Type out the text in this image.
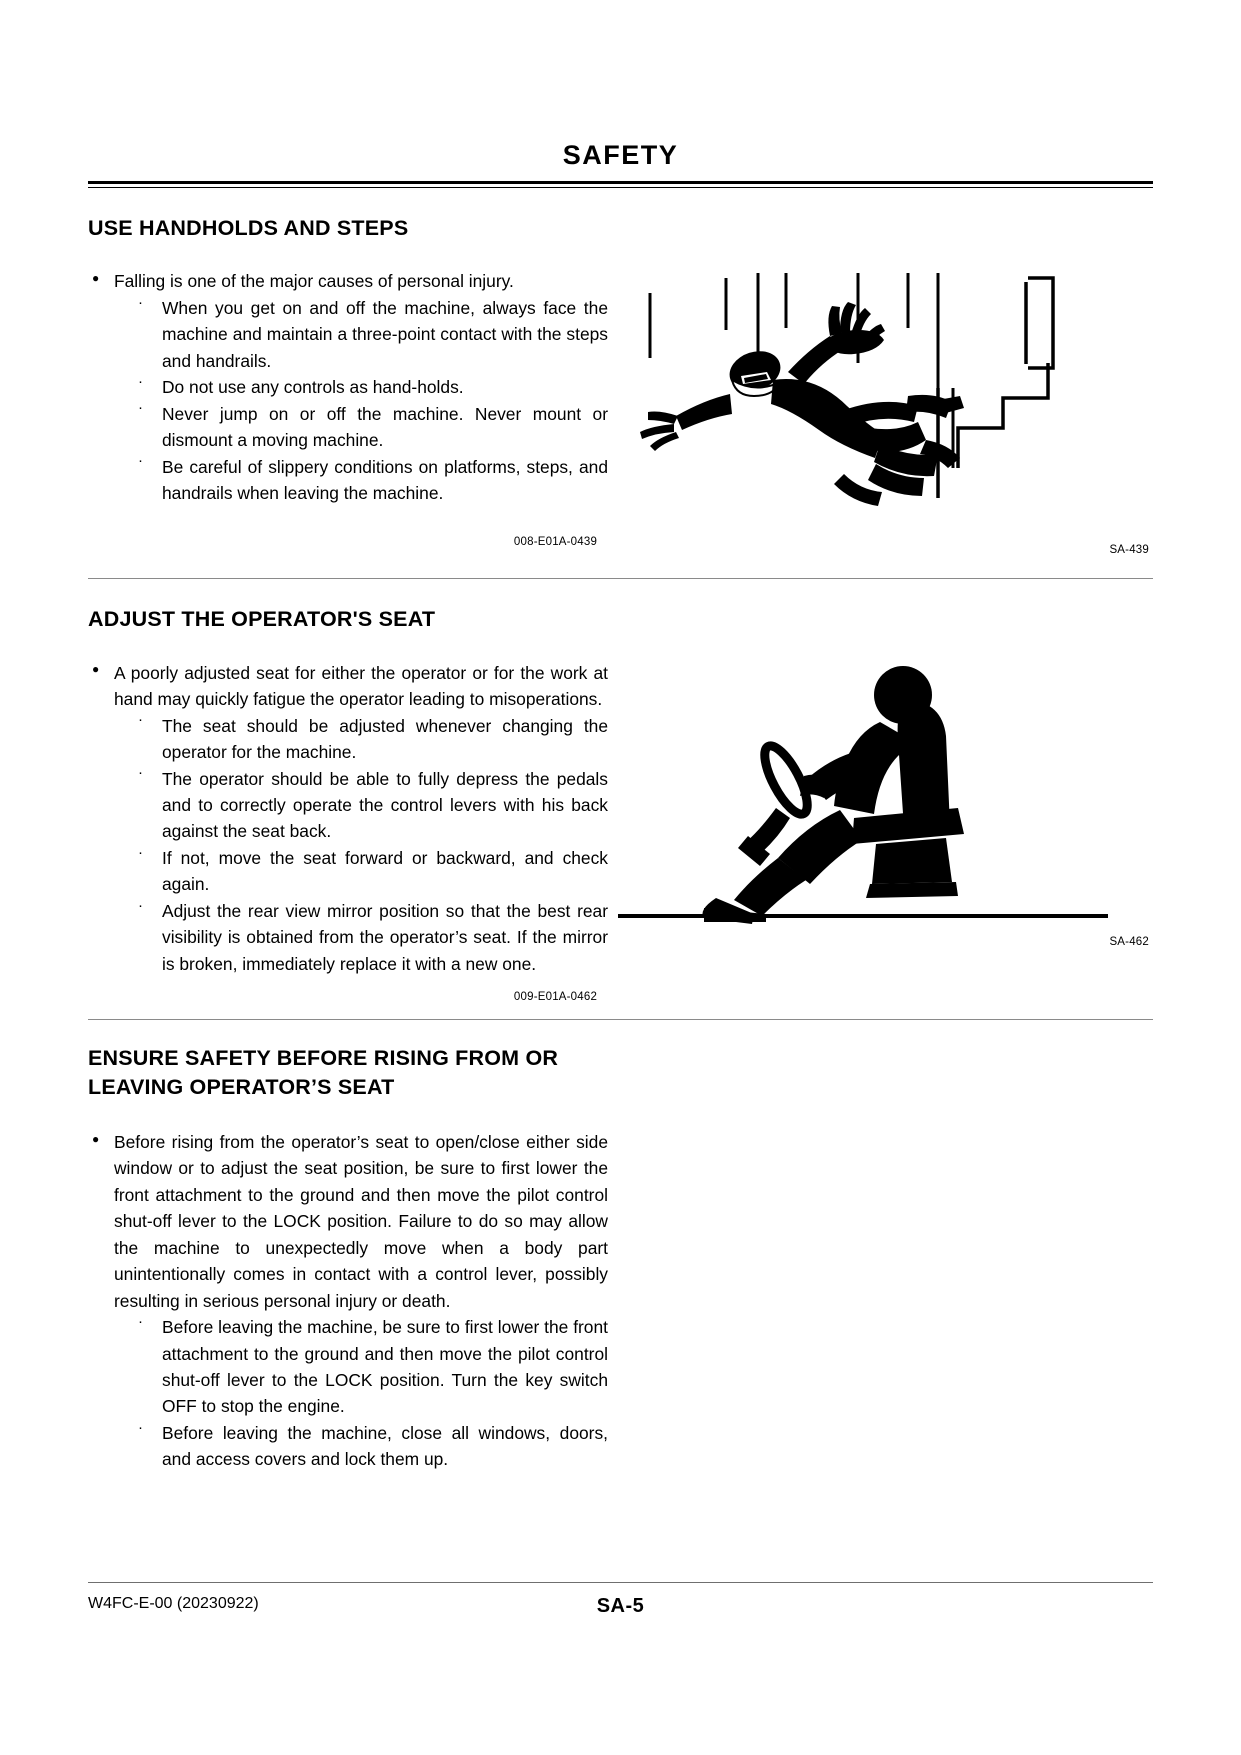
SAFETY
USE HANDHOLDS AND STEPS
● Falling is one of the major causes of personal injury.
· When you get on and off the machine, always face the machine and maintain a three-point contact with the steps and handrails.
· Do not use any controls as hand-holds.
· Never jump on or off the machine. Never mount or dismount a moving machine.
· Be careful of slippery conditions on platforms, steps, and handrails when leaving the machine.
SA-439
008-E01A-0439
ADJUST THE OPERATOR'S SEAT
● A poorly adjusted seat for either the operator or for the work at hand may quickly fatigue the operator leading to misoperations.
· The seat should be adjusted whenever changing the operator for the machine.
· The operator should be able to fully depress the pedals and to correctly operate the control levers with his back against the seat back.
· If not, move the seat forward or backward, and check again.
· Adjust the rear view mirror position so that the best rear visibility is obtained from the operator’s seat. If the mirror is broken, immediately replace it with a new one.
SA-462
009-E01A-0462
ENSURE SAFETY BEFORE RISING FROM OR LEAVING OPERATOR’S SEAT
● Before rising from the operator’s seat to open/close either side window or to adjust the seat position, be sure to first lower the front attachment to the ground and then move the pilot control shut-off lever to the LOCK position. Failure to do so may allow the machine to unexpectedly move when a body part unintentionally comes in contact with a control lever, possibly resulting in serious personal injury or death.
· Before leaving the machine, be sure to first lower the front attachment to the ground and then move the pilot control shut-off lever to the LOCK position. Turn the key switch OFF to stop the engine.
· Before leaving the machine, close all windows, doors, and access covers and lock them up.
W4FC-E-00 (20230922)	SA-5
